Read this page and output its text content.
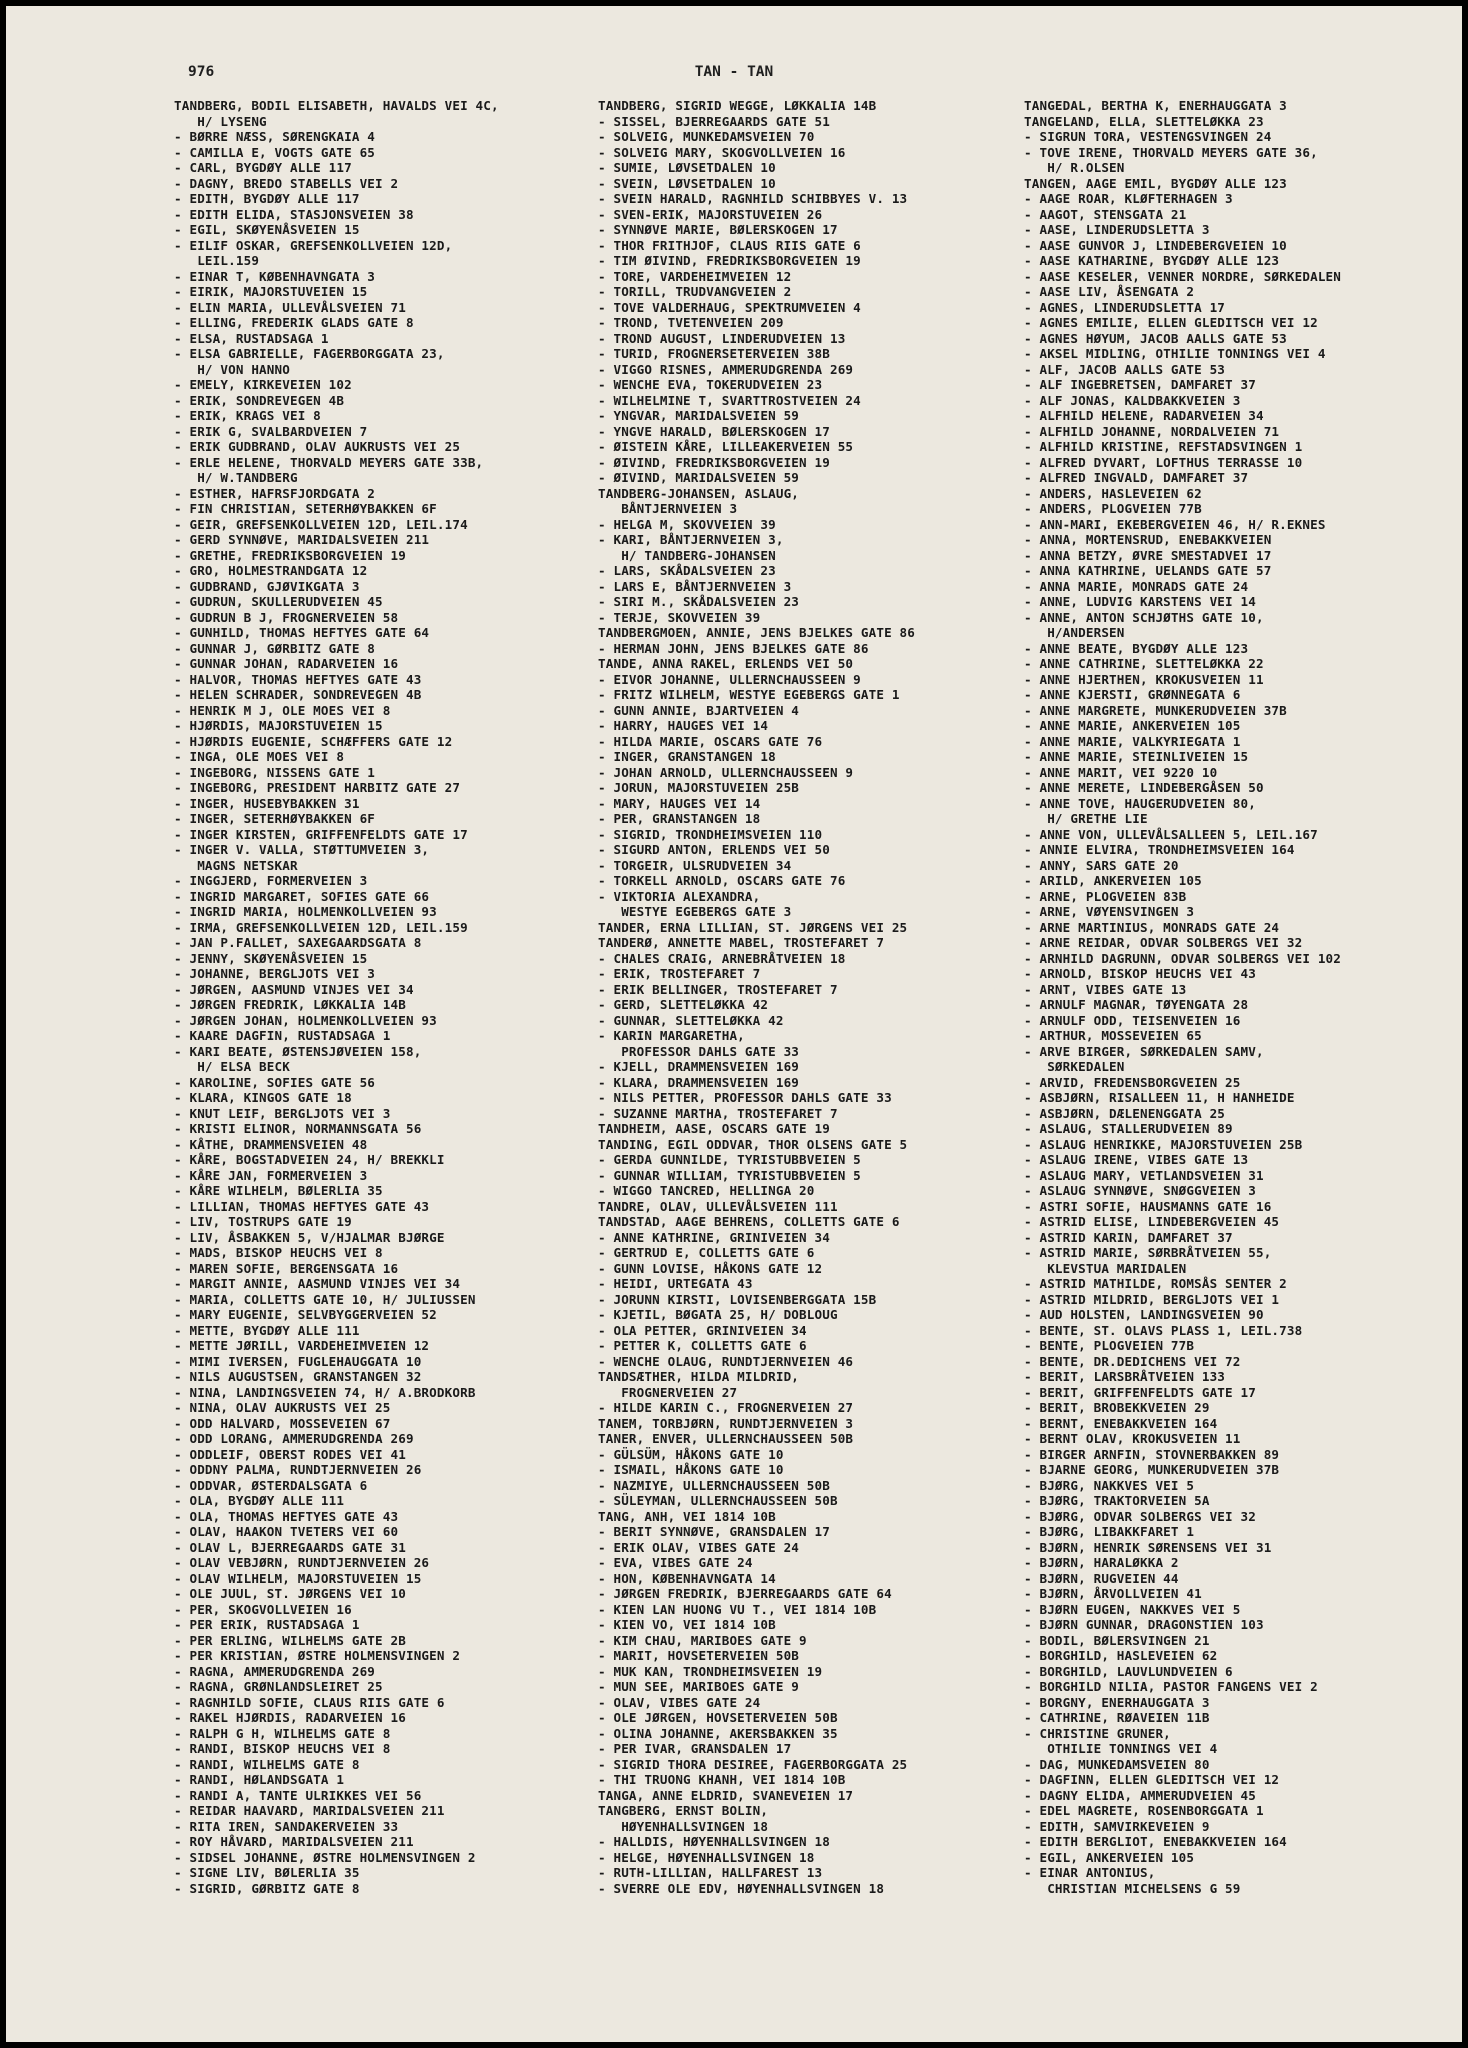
976	TAN - TAN
TANDBERG, BODIL ELISABETH, HAVALDS VEI 4C,
H/ LYSENG
- BØRRE NÆSS, SØRENGKAIA 4
- CAMILLA E, VOGTS GATE 65
- CARL, BYGDØY ALLE 117
- DAGNY, BREDO STABELLS VEI 2
- EDITH, BYGDØY ALLE 117
- EDITH ELIDA, STASJONSVEIEN 38
- EGIL, SKØYENÅSVEIEN 15
- EILIF OSKAR, GREFSENKOLLVEIEN 12D,
LEIL.159
- EINAR T, KØBENHAVNGATA 3
- EIRIK, MAJORSTUVEIEN 15
- ELIN MARIA, ULLEVÅLSVEIEN 71
- ELLING, FREDERIK GLADS GATE 8
- ELSA, RUSTADSAGA 1
- ELSA GABRIELLE, FAGERBORGGATA 23,
H/ VON HANNO
- EMELY, KIRKEVEIEN 102
- ERIK, SONDREVEGEN 4B
- ERIK, KRAGS VEI 8
- ERIK G, SVALBARDVEIEN 7
- ERIK GUDBRAND, OLAV AUKRUSTS VEI 25
- ERLE HELENE, THORVALD MEYERS GATE 33B,
H/ W.TANDBERG
- ESTHER, HAFRSFJORDGATA 2
- FIN CHRISTIAN, SETERHØYBAKKEN 6F
- GEIR, GREFSENKOLLVEIEN 12D, LEIL.174
- GERD SYNNØVE, MARIDALSVEIEN 211
- GRETHE, FREDRIKSBORGVEIEN 19
- GRO, HOLMESTRANDGATA 12
- GUDBRAND, GJØVIKGATA 3
- GUDRUN, SKULLERUDVEIEN 45
- GUDRUN B J, FROGNERVEIEN 58
- GUNHILD, THOMAS HEFTYES GATE 64
- GUNNAR J, GØRBITZ GATE 8
- GUNNAR JOHAN, RADARVEIEN 16
- HALVOR, THOMAS HEFTYES GATE 43
- HELEN SCHRADER, SONDREVEGEN 4B
- HENRIK M J, OLE MOES VEI 8
- HJØRDIS, MAJORSTUVEIEN 15
- HJØRDIS EUGENIE, SCHÆFFERS GATE 12
- INGA, OLE MOES VEI 8
- INGEBORG, NISSENS GATE 1
- INGEBORG, PRESIDENT HARBITZ GATE 27
- INGER, HUSEBYBAKKEN 31
- INGER, SETERHØYBAKKEN 6F
- INGER KIRSTEN, GRIFFENFELDTS GATE 17
- INGER V. VALLA, STØTTUMVEIEN 3,
MAGNS NETSKAR
- INGGJERD, FORMERVEIEN 3
- INGRID MARGARET, SOFIES GATE 66
- INGRID MARIA, HOLMENKOLLVEIEN 93
- IRMA, GREFSENKOLLVEIEN 12D, LEIL.159
- JAN P.FALLET, SAXEGAARDSGATA 8
- JENNY, SKØYENÅSVEIEN 15
- JOHANNE, BERGLJOTS VEI 3
- JØRGEN, AASMUND VINJES VEI 34
- JØRGEN FREDRIK, LØKKALIA 14B
- JØRGEN JOHAN, HOLMENKOLLVEIEN 93
- KAARE DAGFIN, RUSTADSAGA 1
- KARI BEATE, ØSTENSJØVEIEN 158,
H/ ELSA BECK
- KAROLINE, SOFIES GATE 56
- KLARA, KINGOS GATE 18
- KNUT LEIF, BERGLJOTS VEI 3
- KRISTI ELINOR, NORMANNSGATA 56
- KÅTHE, DRAMMENSVEIEN 48
- KÅRE, BOGSTADVEIEN 24, H/ BREKKLI
- KÅRE JAN, FORMERVEIEN 3
- KÅRE WILHELM, BØLERLIA 35
- LILLIAN, THOMAS HEFTYES GATE 43
- LIV, TOSTRUPS GATE 19
- LIV, ÅSBAKKEN 5, V/HJALMAR BJØRGE
- MADS, BISKOP HEUCHS VEI 8
- MAREN SOFIE, BERGENSGATA 16
- MARGIT ANNIE, AASMUND VINJES VEI 34
- MARIA, COLLETTS GATE 10, H/ JULIUSSEN
- MARY EUGENIE, SELVBYGGERVEIEN 52
- METTE, BYGDØY ALLE 111
- METTE JØRILL, VARDEHEIMVEIEN 12
- MIMI IVERSEN, FUGLEHAUGGATA 10
- NILS AUGUSTSEN, GRANSTANGEN 32
- NINA, LANDINGSVEIEN 74, H/ A.BRODKORB
- NINA, OLAV AUKRUSTS VEI 25
- ODD HALVARD, MOSSEVEIEN 67
- ODD LORANG, AMMERUDGRENDA 269
- ODDLEIF, OBERST RODES VEI 41
- ODDNY PALMA, RUNDTJERNVEIEN 26
- ODDVAR, ØSTERDALSGATA 6
- OLA, BYGDØY ALLE 111
- OLA, THOMAS HEFTYES GATE 43
- OLAV, HAAKON TVETERS VEI 60
- OLAV L, BJERREGAARDS GATE 31
- OLAV VEBJØRN, RUNDTJERNVEIEN 26
- OLAV WILHELM, MAJORSTUVEIEN 15
- OLE JUUL, ST. JØRGENS VEI 10
- PER, SKOGVOLLVEIEN 16
- PER ERIK, RUSTADSAGA 1
- PER ERLING, WILHELMS GATE 2B
- PER KRISTIAN, ØSTRE HOLMENSVINGEN 2
- RAGNA, AMMERUDGRENDA 269
- RAGNA, GRØNLANDSLEIRET 25
- RAGNHILD SOFIE, CLAUS RIIS GATE 6
- RAKEL HJØRDIS, RADARVEIEN 16
- RALPH G H, WILHELMS GATE 8
- RANDI, BISKOP HEUCHS VEI 8
- RANDI, WILHELMS GATE 8
- RANDI, HØLANDSGATA 1
- RANDI A, TANTE ULRIKKES VEI 56
- REIDAR HAAVARD, MARIDALSVEIEN 211
- RITA IREN, SANDAKERVEIEN 33
- ROY HÅVARD, MARIDALSVEIEN 211
- SIDSEL JOHANNE, ØSTRE HOLMENSVINGEN 2
- SIGNE LIV, BØLERLIA 35
- SIGRID, GØRBITZ GATE 8
TANDBERG, SIGRID WEGGE, LØKKALIA 14B
- SISSEL, BJERREGAARDS GATE 51
- SOLVEIG, MUNKEDAMSVEIEN 70
- SOLVEIG MARY, SKOGVOLLVEIEN 16
- SUMIE, LØVSETDALEN 10
- SVEIN, LØVSETDALEN 10
- SVEIN HARALD, RAGNHILD SCHIBBYES V. 13
- SVEN-ERIK, MAJORSTUVEIEN 26
- SYNNØVE MARIE, BØLERSKOGEN 17
- THOR FRITHJOF, CLAUS RIIS GATE 6
- TIM ØIVIND, FREDRIKSBORGVEIEN 19
- TORE, VARDEHEIMVEIEN 12
- TORILL, TRUDVANGVEIEN 2
- TOVE VALDERHAUG, SPEKTRUMVEIEN 4
- TROND, TVETENVEIEN 209
- TROND AUGUST, LINDERUDVEIEN 13
- TURID, FROGNERSETERVEIEN 38B
- VIGGO RISNES, AMMERUDGRENDA 269
- WENCHE EVA, TOKERUDVEIEN 23
- WILHELMINE T, SVARTTROSTVEIEN 24
- YNGVAR, MARIDALSVEIEN 59
- YNGVE HARALD, BØLERSKOGEN 17
- ØISTEIN KÅRE, LILLEAKERVEIEN 55
- ØIVIND, FREDRIKSBORGVEIEN 19
- ØIVIND, MARIDALSVEIEN 59
TANDBERG-JOHANSEN, ASLAUG,
BÅNTJERNVEIEN 3
- HELGA M, SKOVVEIEN 39
- KARI, BÅNTJERNVEIEN 3,
H/ TANDBERG-JOHANSEN
- LARS, SKÅDALSVEIEN 23
- LARS E, BÅNTJERNVEIEN 3
- SIRI M., SKÅDALSVEIEN 23
- TERJE, SKOVVEIEN 39
TANDBERGMOEN, ANNIE, JENS BJELKES GATE 86
- HERMAN JOHN, JENS BJELKES GATE 86
TANDE, ANNA RAKEL, ERLENDS VEI 50
- EIVOR JOHANNE, ULLERNCHAUSSEEN 9
- FRITZ WILHELM, WESTYE EGEBERGS GATE 1
- GUNN ANNIE, BJARTVEIEN 4
- HARRY, HAUGES VEI 14
- HILDA MARIE, OSCARS GATE 76
- INGER, GRANSTANGEN 18
- JOHAN ARNOLD, ULLERNCHAUSSEEN 9
- JORUN, MAJORSTUVEIEN 25B
- MARY, HAUGES VEI 14
- PER, GRANSTANGEN 18
- SIGRID, TRONDHEIMSVEIEN 110
- SIGURD ANTON, ERLENDS VEI 50
- TORGEIR, ULSRUDVEIEN 34
- TORKELL ARNOLD, OSCARS GATE 76
- VIKTORIA ALEXANDRA,
WESTYE EGEBERGS GATE 3
TANDER, ERNA LILLIAN, ST. JØRGENS VEI 25
TANDERØ, ANNETTE MABEL, TROSTEFARET 7
- CHALES CRAIG, ARNEBRÅTVEIEN 18
- ERIK, TROSTEFARET 7
- ERIK BELLINGER, TROSTEFARET 7
- GERD, SLETTELØKKA 42
- GUNNAR, SLETTELØKKA 42
- KARIN MARGARETHA,
PROFESSOR DAHLS GATE 33
- KJELL, DRAMMENSVEIEN 169
- KLARA, DRAMMENSVEIEN 169
- NILS PETTER, PROFESSOR DAHLS GATE 33
- SUZANNE MARTHA, TROSTEFARET 7
TANDHEIM, AASE, OSCARS GATE 19
TANDING, EGIL ODDVAR, THOR OLSENS GATE 5
- GERDA GUNNILDE, TYRISTUBBVEIEN 5
- GUNNAR WILLIAM, TYRISTUBBVEIEN 5
- WIGGO TANCRED, HELLINGA 20
TANDRE, OLAV, ULLEVÅLSVEIEN 111
TANDSTAD, AAGE BEHRENS, COLLETTS GATE 6
- ANNE KATHRINE, GRINIVEIEN 34
- GERTRUD E, COLLETTS GATE 6
- GUNN LOVISE, HÅKONS GATE 12
- HEIDI, URTEGATA 43
- JORUNN KIRSTI, LOVISENBERGGATA 15B
- KJETIL, BØGATA 25, H/ DOBLOUG
- OLA PETTER, GRINIVEIEN 34
- PETTER K, COLLETTS GATE 6
- WENCHE OLAUG, RUNDTJERNVEIEN 46
TANDSÆTHER, HILDA MILDRID,
FROGNERVEIEN 27
- HILDE KARIN C., FROGNERVEIEN 27
TANEM, TORBJØRN, RUNDTJERNVEIEN 3
TANER, ENVER, ULLERNCHAUSSEEN 50B
- GÜLSÜM, HÅKONS GATE 10
- ISMAIL, HÅKONS GATE 10
- NAZMIYE, ULLERNCHAUSSEEN 50B
- SÜLEYMAN, ULLERNCHAUSSEEN 50B
TANG, ANH, VEI 1814 10B
- BERIT SYNNØVE, GRANSDALEN 17
- ERIK OLAV, VIBES GATE 24
- EVA, VIBES GATE 24
- HON, KØBENHAVNGATA 14
- JØRGEN FREDRIK, BJERREGAARDS GATE 64
- KIEN LAN HUONG VU T., VEI 1814 10B
- KIEN VO, VEI 1814 10B
- KIM CHAU, MARIBOES GATE 9
- MARIT, HOVSETERVEIEN 50B
- MUK KAN, TRONDHEIMSVEIEN 19
- MUN SEE, MARIBOES GATE 9
- OLAV, VIBES GATE 24
- OLE JØRGEN, HOVSETERVEIEN 50B
- OLINA JOHANNE, AKERSBAKKEN 35
- PER IVAR, GRANSDALEN 17
- SIGRID THORA DESIREE, FAGERBORGGATA 25
- THI TRUONG KHANH, VEI 1814 10B
TANGA, ANNE ELDRID, SVANEVEIEN 17
TANGBERG, ERNST BOLIN,
HØYENHALLSVINGEN 18
- HALLDIS, HØYENHALLSVINGEN 18
- HELGE, HØYENHALLSVINGEN 18
- RUTH-LILLIAN, HALLFAREST 13
- SVERRE OLE EDV, HØYENHALLSVINGEN 18
TANGEDAL, BERTHA K, ENERHAUGGATA 3
TANGELAND, ELLA, SLETTELØKKA 23
- SIGRUN TORA, VESTENGSVINGEN 24
- TOVE IRENE, THORVALD MEYERS GATE 36,
H/ R.OLSEN
TANGEN, AAGE EMIL, BYGDØY ALLE 123
- AAGE ROAR, KLØFTERHAGEN 3
- AAGOT, STENSGATA 21
- AASE, LINDERUDSLETTA 3
- AASE GUNVOR J, LINDEBERGVEIEN 10
- AASE KATHARINE, BYGDØY ALLE 123
- AASE KESELER, VENNER NORDRE, SØRKEDALEN
- AASE LIV, ÅSENGATA 2
- AGNES, LINDERUDSLETTA 17
- AGNES EMILIE, ELLEN GLEDITSCH VEI 12
- AGNES HØYUM, JACOB AALLS GATE 53
- AKSEL MIDLING, OTHILIE TONNINGS VEI 4
- ALF, JACOB AALLS GATE 53
- ALF INGEBRETSEN, DAMFARET 37
- ALF JONAS, KALDBAKKVEIEN 3
- ALFHILD HELENE, RADARVEIEN 34
- ALFHILD JOHANNE, NORDALVEIEN 71
- ALFHILD KRISTINE, REFSTADSVINGEN 1
- ALFRED DYVART, LOFTHUS TERRASSE 10
- ALFRED INGVALD, DAMFARET 37
- ANDERS, HASLEVEIEN 62
- ANDERS, PLOGVEIEN 77B
- ANN-MARI, EKEBERGVEIEN 46, H/ R.EKNES
- ANNA, MORTENSRUD, ENEBAKKVEIEN
- ANNA BETZY, ØVRE SMESTADVEI 17
- ANNA KATHRINE, UELANDS GATE 57
- ANNA MARIE, MONRADS GATE 24
- ANNE, LUDVIG KARSTENS VEI 14
- ANNE, ANTON SCHJØTHS GATE 10,
H/ANDERSEN
- ANNE BEATE, BYGDØY ALLE 123
- ANNE CATHRINE, SLETTELØKKA 22
- ANNE HJERTHEN, KROKUSVEIEN 11
- ANNE KJERSTI, GRØNNEGATA 6
- ANNE MARGRETE, MUNKERUDVEIEN 37B
- ANNE MARIE, ANKERVEIEN 105
- ANNE MARIE, VALKYRIEGATA 1
- ANNE MARIE, STEINLIVEIEN 15
- ANNE MARIT, VEI 9220 10
- ANNE MERETE, LINDEBERGÅSEN 50
- ANNE TOVE, HAUGERUDVEIEN 80,
H/ GRETHE LIE
- ANNE VON, ULLEVÅLSALLEEN 5, LEIL.167
- ANNIE ELVIRA, TRONDHEIMSVEIEN 164
- ANNY, SARS GATE 20
- ARILD, ANKERVEIEN 105
- ARNE, PLOGVEIEN 83B
- ARNE, VØYENSVINGEN 3
- ARNE MARTINIUS, MONRADS GATE 24
- ARNE REIDAR, ODVAR SOLBERGS VEI 32
- ARNHILD DAGRUNN, ODVAR SOLBERGS VEI 102
- ARNOLD, BISKOP HEUCHS VEI 43
- ARNT, VIBES GATE 13
- ARNULF MAGNAR, TØYENGATA 28
- ARNULF ODD, TEISENVEIEN 16
- ARTHUR, MOSSEVEIEN 65
- ARVE BIRGER, SØRKEDALEN SAMV,
SØRKEDALEN
- ARVID, FREDENSBORGVEIEN 25
- ASBJØRN, RISALLEEN 11, H HANHEIDE
- ASBJØRN, DÆLENENGGATA 25
- ASLAUG, STALLERUDVEIEN 89
- ASLAUG HENRIKKE, MAJORSTUVEIEN 25B
- ASLAUG IRENE, VIBES GATE 13
- ASLAUG MARY, VETLANDSVEIEN 31
- ASLAUG SYNNØVE, SNØGGVEIEN 3
- ASTRI SOFIE, HAUSMANNS GATE 16
- ASTRID ELISE, LINDEBERGVEIEN 45
- ASTRID KARIN, DAMFARET 37
- ASTRID MARIE, SØRBRÅTVEIEN 55,
KLEVSTUA MARIDALEN
- ASTRID MATHILDE, ROMSÅS SENTER 2
- ASTRID MILDRID, BERGLJOTS VEI 1
- AUD HOLSTEN, LANDINGSVEIEN 90
- BENTE, ST. OLAVS PLASS 1, LEIL.738
- BENTE, PLOGVEIEN 77B
- BENTE, DR.DEDICHENS VEI 72
- BERIT, LARSBRÅTVEIEN 133
- BERIT, GRIFFENFELDTS GATE 17
- BERIT, BROBEKKVEIEN 29
- BERNT, ENEBAKKVEIEN 164
- BERNT OLAV, KROKUSVEIEN 11
- BIRGER ARNFIN, STOVNERBAKKEN 89
- BJARNE GEORG, MUNKERUDVEIEN 37B
- BJØRG, NAKKVES VEI 5
- BJØRG, TRAKTORVEIEN 5A
- BJØRG, ODVAR SOLBERGS VEI 32
- BJØRG, LIBAKKFARET 1
- BJØRN, HENRIK SØRENSENS VEI 31
- BJØRN, HARALØKKA 2
- BJØRN, RUGVEIEN 44
- BJØRN, ÅRVOLLVEIEN 41
- BJØRN EUGEN, NAKKVES VEI 5
- BJØRN GUNNAR, DRAGONSTIEN 103
- BODIL, BØLERSVINGEN 21
- BORGHILD, HASLEVEIEN 62
- BORGHILD, LAUVLUNDVEIEN 6
- BORGHILD NILIA, PASTOR FANGENS VEI 2
- BORGNY, ENERHAUGGATA 3
- CATHRINE, RØAVEIEN 11B
- CHRISTINE GRUNER,
OTHILIE TONNINGS VEI 4
- DAG, MUNKEDAMSVEIEN 80
- DAGFINN, ELLEN GLEDITSCH VEI 12
- DAGNY ELIDA, AMMERUDVEIEN 45
- EDEL MAGRETE, ROSENBORGGATA 1
- EDITH, SAMVIRKEVEIEN 9
- EDITH BERGLIOT, ENEBAKKVEIEN 164
- EGIL, ANKERVEIEN 105
- EINAR ANTONIUS,
CHRISTIAN MICHELSENS G 59
